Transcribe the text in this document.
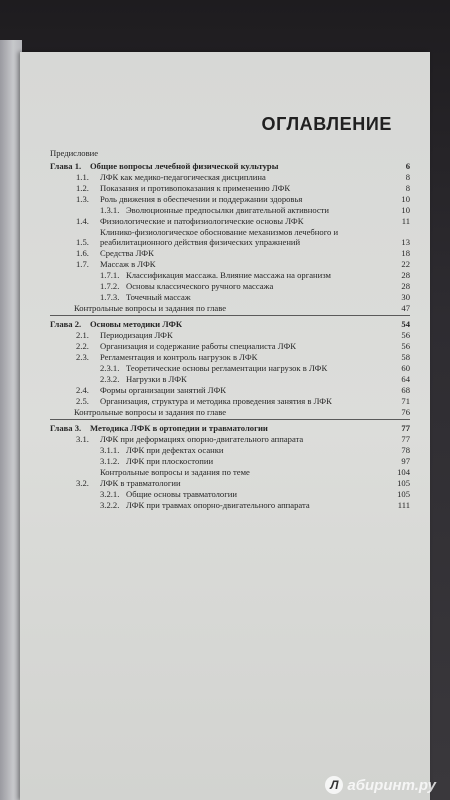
ОГЛАВЛЕНИЕ
Предисловие
Глава 1.	Общие вопросы лечебной физической культуры	6
1.1.	ЛФК как медико-педагогическая дисциплина	8
1.2.	Показания и противопоказания к применению ЛФК	8
1.3.	Роль движения в обеспечении и поддержании здоровья	10
1.3.1. Эволюционные предпосылки двигательной активности	10
1.4.	Физиологические и патофизиологические основы ЛФК	11
1.5.
Клинико-физиологическое обоснование механизмов лечебного и реабилитационного действия физических упражнений	13
1.6.	Средства ЛФК	18
1.7.	Массаж в ЛФК	22
1.7.1. Классификация массажа. Влияние массажа на организм	28
1.7.2. Основы классического ручного массажа	28
1.7.3. Точечный массаж	30
Контрольные вопросы и задания по главе	47
Глава 2.	Основы методики ЛФК	54
2.1.	Периодизация ЛФК	56
2.2.	Организация и содержание работы специалиста ЛФК	56
2.3.	Регламентация и контроль нагрузок в ЛФК	58
2.3.1. Теоретические основы регламентации нагрузок в ЛФК	60
2.3.2. Нагрузки в ЛФК	64
2.4.	Формы организации занятий ЛФК	68
2.5.	Организация, структура и методика проведения занятия в ЛФК	71
Контрольные вопросы и задания по главе	76
Глава 3.	Методика ЛФК в ортопедии и травматологии	77
3.1.	ЛФК при деформациях опорно-двигательного аппарата	77
3.1.1. ЛФК при дефектах осанки	78
3.1.2. ЛФК при плоскостопии	97
Контрольные вопросы и задания по теме	104
3.2.	ЛФК в травматологии	105
3.2.1. Общие основы травматологии	105
3.2.2. ЛФК при травмах опорно-двигательного аппарата	111
Л абиринт.ру
